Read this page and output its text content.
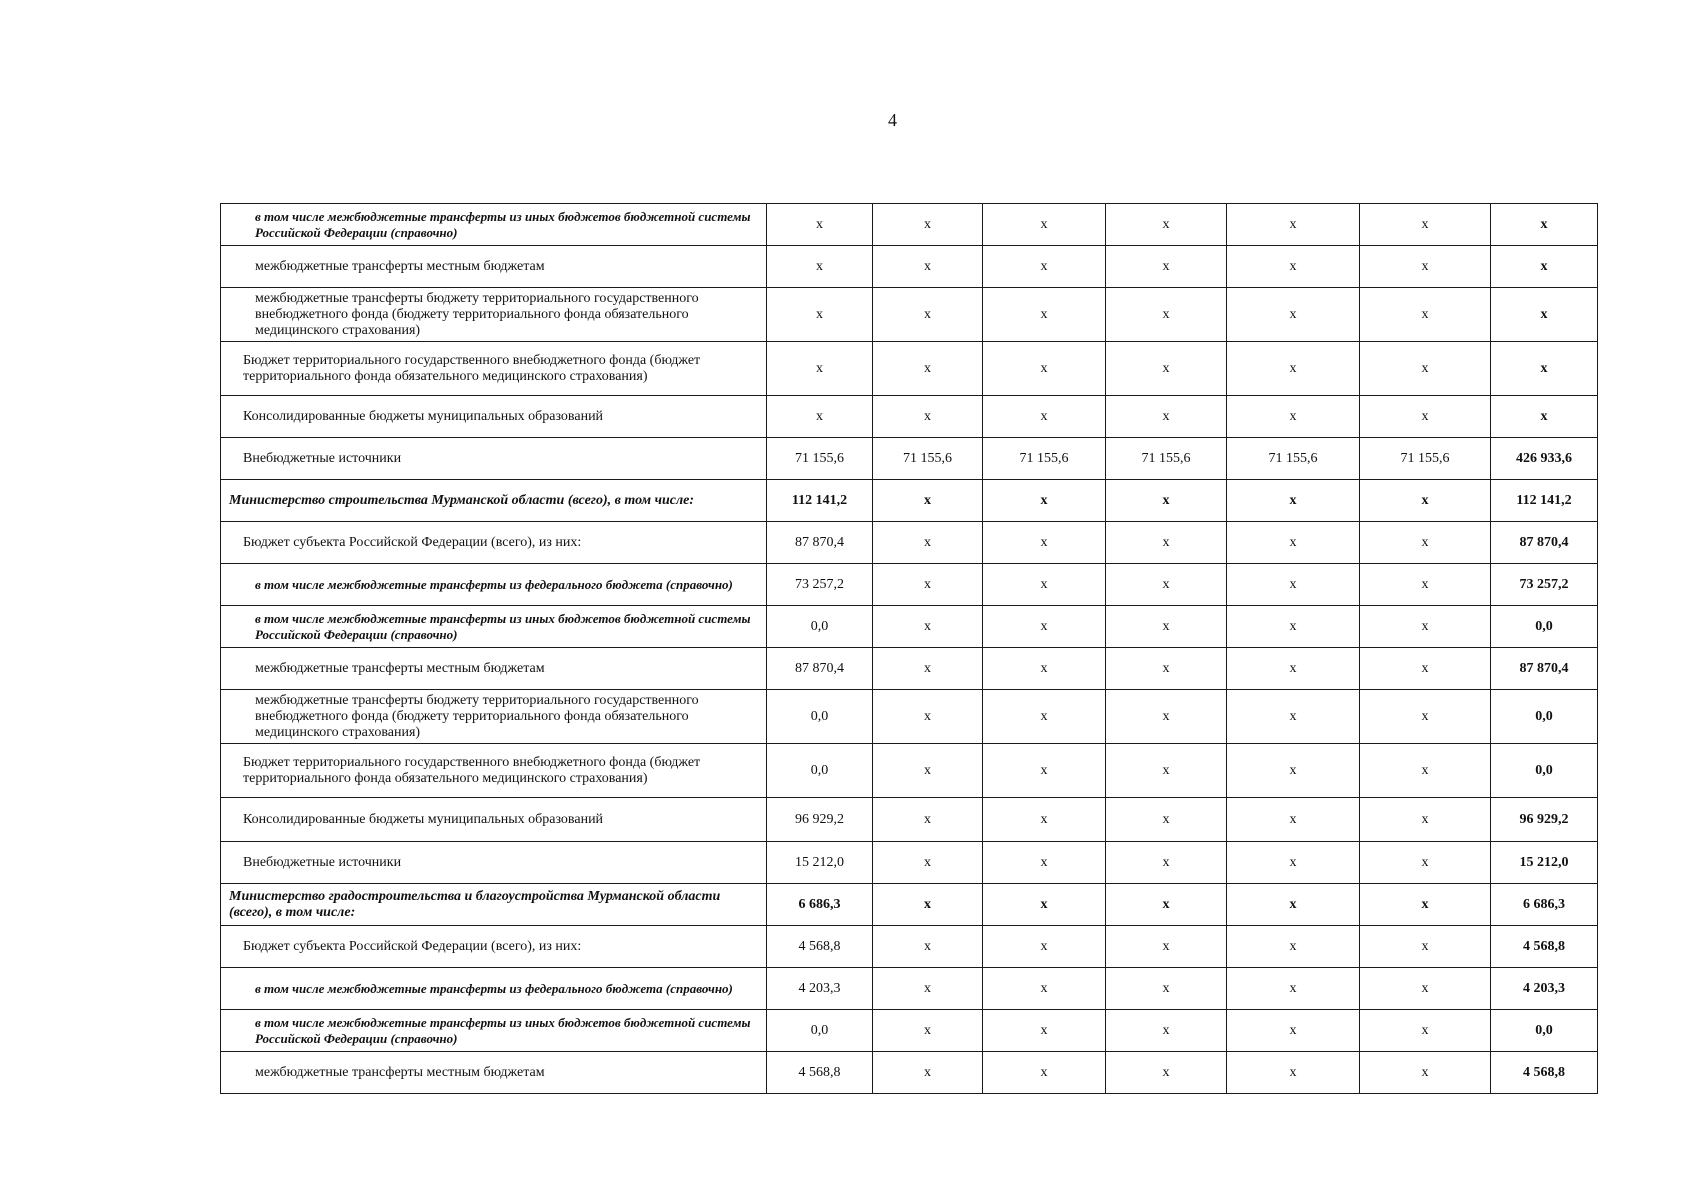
4
в том числе межбюджетные трансферты из иных бюджетов бюджетной системы Российской Федерации (справочно)	x	x	x	x	x	x	x
межбюджетные трансферты местным бюджетам	x	x	x	x	x	x	x
межбюджетные трансферты бюджету территориального государственного внебюджетного фонда (бюджету территориального фонда обязательного медицинского страхования)	x	x	x	x	x	x	x
Бюджет территориального государственного внебюджетного фонда (бюджет территориального фонда обязательного медицинского страхования)	x	x	x	x	x	x	x
Консолидированные бюджеты муниципальных образований	x	x	x	x	x	x	x
Внебюджетные источники	71 155,6	71 155,6	71 155,6	71 155,6	71 155,6	71 155,6	426 933,6
Министерство строительства Мурманской области (всего), в том числе:	112 141,2	x	x	x	x	x	112 141,2
Бюджет субъекта Российской Федерации (всего), из них:	87 870,4	x	x	x	x	x	87 870,4
в том числе межбюджетные трансферты из федерального бюджета (справочно)	73 257,2	x	x	x	x	x	73 257,2
в том числе межбюджетные трансферты из иных бюджетов бюджетной системы Российской Федерации (справочно)	0,0	x	x	x	x	x	0,0
межбюджетные трансферты местным бюджетам	87 870,4	x	x	x	x	x	87 870,4
межбюджетные трансферты бюджету территориального государственного внебюджетного фонда (бюджету территориального фонда обязательного медицинского страхования)	0,0	x	x	x	x	x	0,0
Бюджет территориального государственного внебюджетного фонда (бюджет территориального фонда обязательного медицинского страхования)	0,0	x	x	x	x	x	0,0
Консолидированные бюджеты муниципальных образований	96 929,2	x	x	x	x	x	96 929,2
Внебюджетные источники	15 212,0	x	x	x	x	x	15 212,0
Министерство градостроительства и благоустройства Мурманской области (всего), в том числе:	6 686,3	x	x	x	x	x	6 686,3
Бюджет субъекта Российской Федерации (всего), из них:	4 568,8	x	x	x	x	x	4 568,8
в том числе межбюджетные трансферты из федерального бюджета (справочно)	4 203,3	x	x	x	x	x	4 203,3
в том числе межбюджетные трансферты из иных бюджетов бюджетной системы Российской Федерации (справочно)	0,0	x	x	x	x	x	0,0
межбюджетные трансферты местным бюджетам	4 568,8	x	x	x	x	x	4 568,8
